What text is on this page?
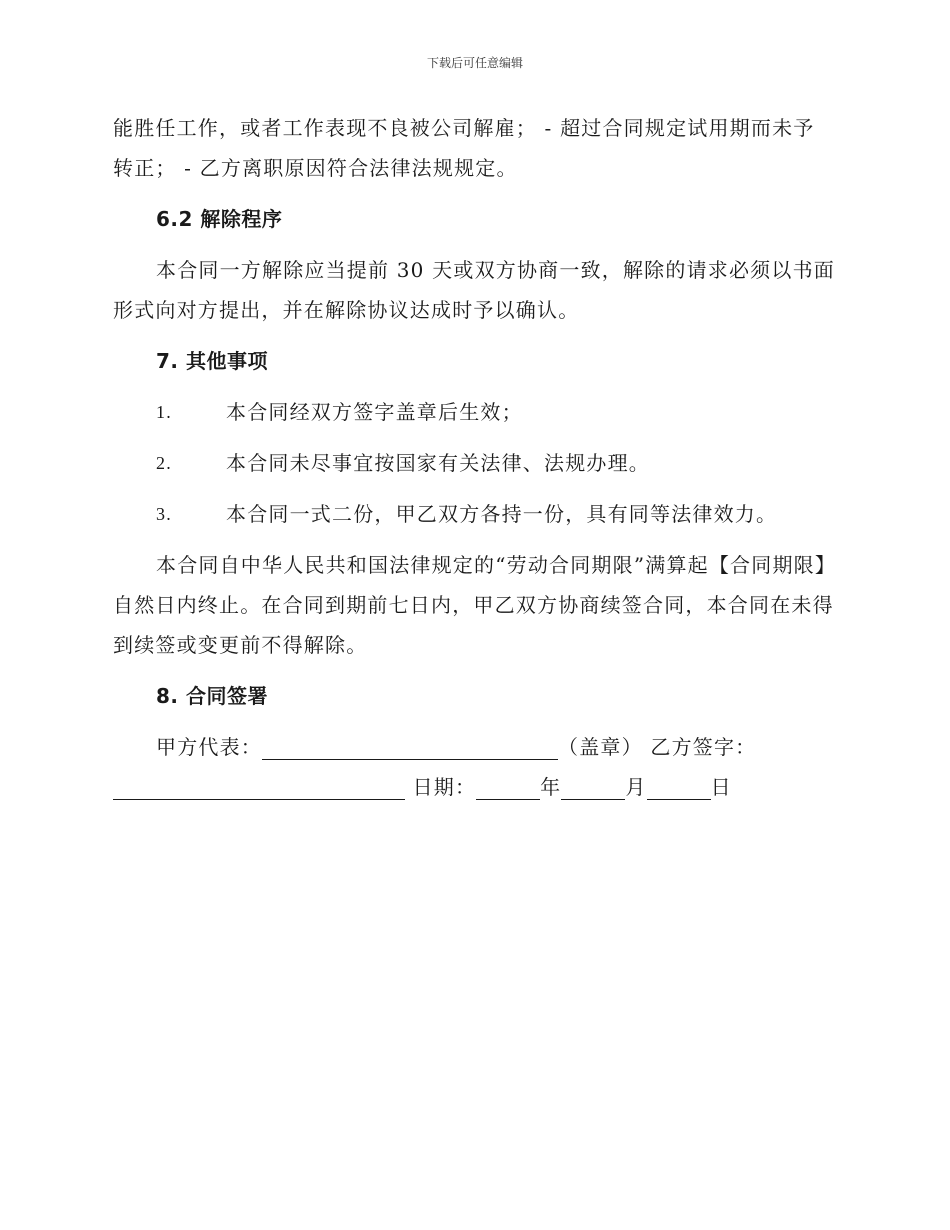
下载后可任意编辑

能胜任工作，或者工作表现不良被公司解雇； - 超过合同规定试用期而未予转正； - 乙方离职原因符合法律法规规定。

6.2 解除程序

本合同一方解除应当提前 30 天或双方协商一致，解除的请求必须以书面形式向对方提出，并在解除协议达成时予以确认。

7. 其他事项
1.	本合同经双方签字盖章后生效；
2.	本合同未尽事宜按国家有关法律、法规办理。
3.	本合同一式二份，甲乙双方各持一份，具有同等法律效力。

本合同自中华人民共和国法律规定的“劳动合同期限”满算起【合同期限】自然日内终止。在合同到期前七日内，甲乙双方协商续签合同，本合同在未得到续签或变更前不得解除。

8. 合同签署

甲方代表：	（盖章） 乙方签字：

日期：	年	月	日
